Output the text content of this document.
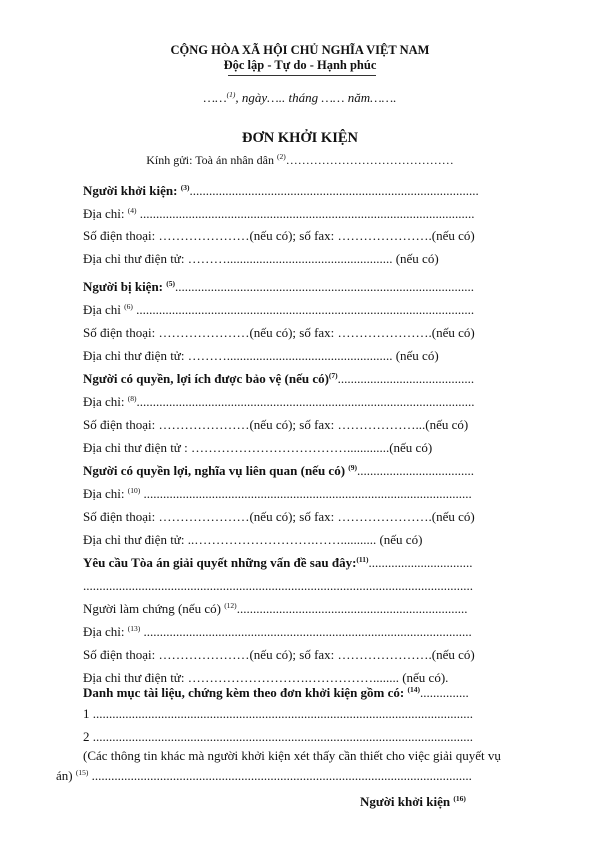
CỘNG HÒA XÃ HỘI CHỦ NGHĨA VIỆT NAM
Độc lập - Tự do - Hạnh phúc
……$^{(1)}$, ngày….. tháng …… năm…….
ĐƠN KHỞI KIỆN
Kính gửi: Toà án nhân dân $^{(2)}$……………………………………
Người khởi kiện: $^{(3)}$.........................................................................................
Địa chỉ: $^{(4)}$ .......................................................................................................
Số điện thoại: …………………(nếu có); số fax: ………………….(nếu có)
Địa chỉ thư điện tử: ………................................................... (nếu có)
Người bị kiện: $^{(5)}$............................................................................................
Địa chỉ $^{(6)}$ ........................................................................................................
Số điện thoại: …………………(nếu có); số fax: ………………….(nếu có)
Địa chỉ thư điện tử: ………................................................... (nếu có)
Người có quyền, lợi ích được bảo vệ (nếu có)$^{(7)}$..........................................
Địa chỉ: $^{(8)}$........................................................................................................
Số điện thoại: …………………(nếu có); số fax: ………………...(nếu có)
Địa chỉ thư điện tử : ……………………………….............(nếu có)
Người có quyền lợi, nghĩa vụ liên quan (nếu có) $^{(9)}$....................................
Địa chỉ: $^{(10)}$ .....................................................................................................
Số điện thoại: …………………(nếu có); số fax: ………………….(nếu có)
Địa chỉ thư điện tử: ..……………………….……........... (nếu có)
Yêu cầu Tòa án giải quyết những vấn đề sau đây:$^{(11)}$................................
........................................................................................................................
Người làm chứng (nếu có) $^{(12)}$.......................................................................
Địa chỉ: $^{(13)}$ .....................................................................................................
Số điện thoại: …………………(nếu có); số fax: ………………….(nếu có)
Địa chỉ thư điện tử: ……………………….……………........ (nếu có).
Danh mục tài liệu, chứng kèm theo đơn khởi kiện gồm có: $^{(14)}$...............
1 .....................................................................................................................
2 .....................................................................................................................
(Các thông tin khác mà người khởi kiện xét thấy cần thiết cho việc giải quyết vụ
án) $^{(15)}$ .....................................................................................................................
Người khởi kiện $^{(16)}$
